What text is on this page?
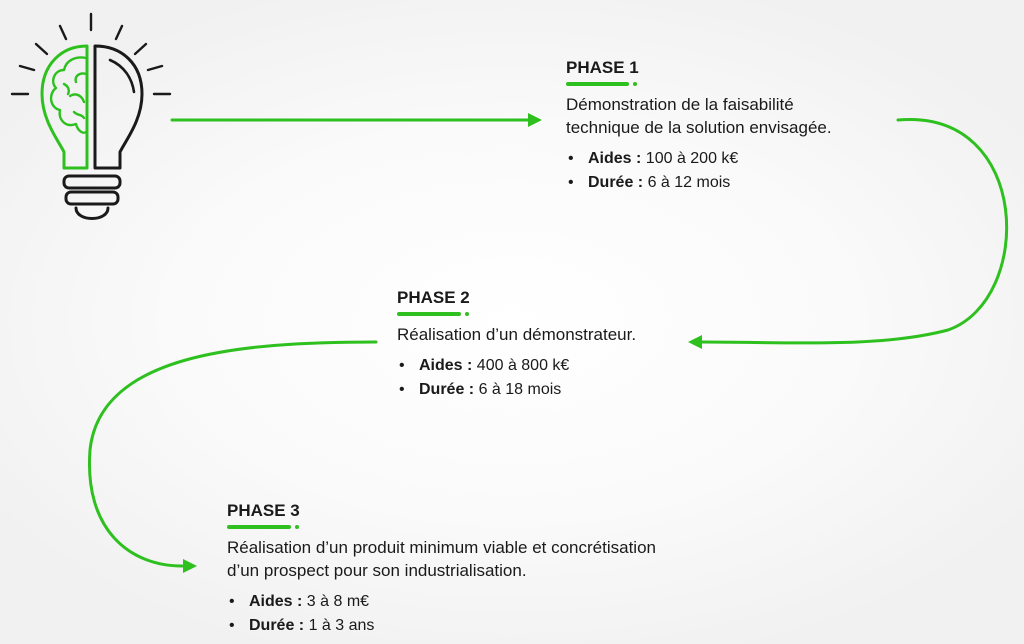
PHASE 1
Démonstration de la faisabilité
technique de la solution envisagée.
• Aides : 100 à 200 k€
• Durée : 6 à 12 mois
PHASE 2
Réalisation d’un démonstrateur.
• Aides : 400 à 800 k€
• Durée : 6 à 18 mois
PHASE 3
Réalisation d’un produit minimum viable et concrétisation
d’un prospect pour son industrialisation.
• Aides : 3 à 8 m€
• Durée : 1 à 3 ans
